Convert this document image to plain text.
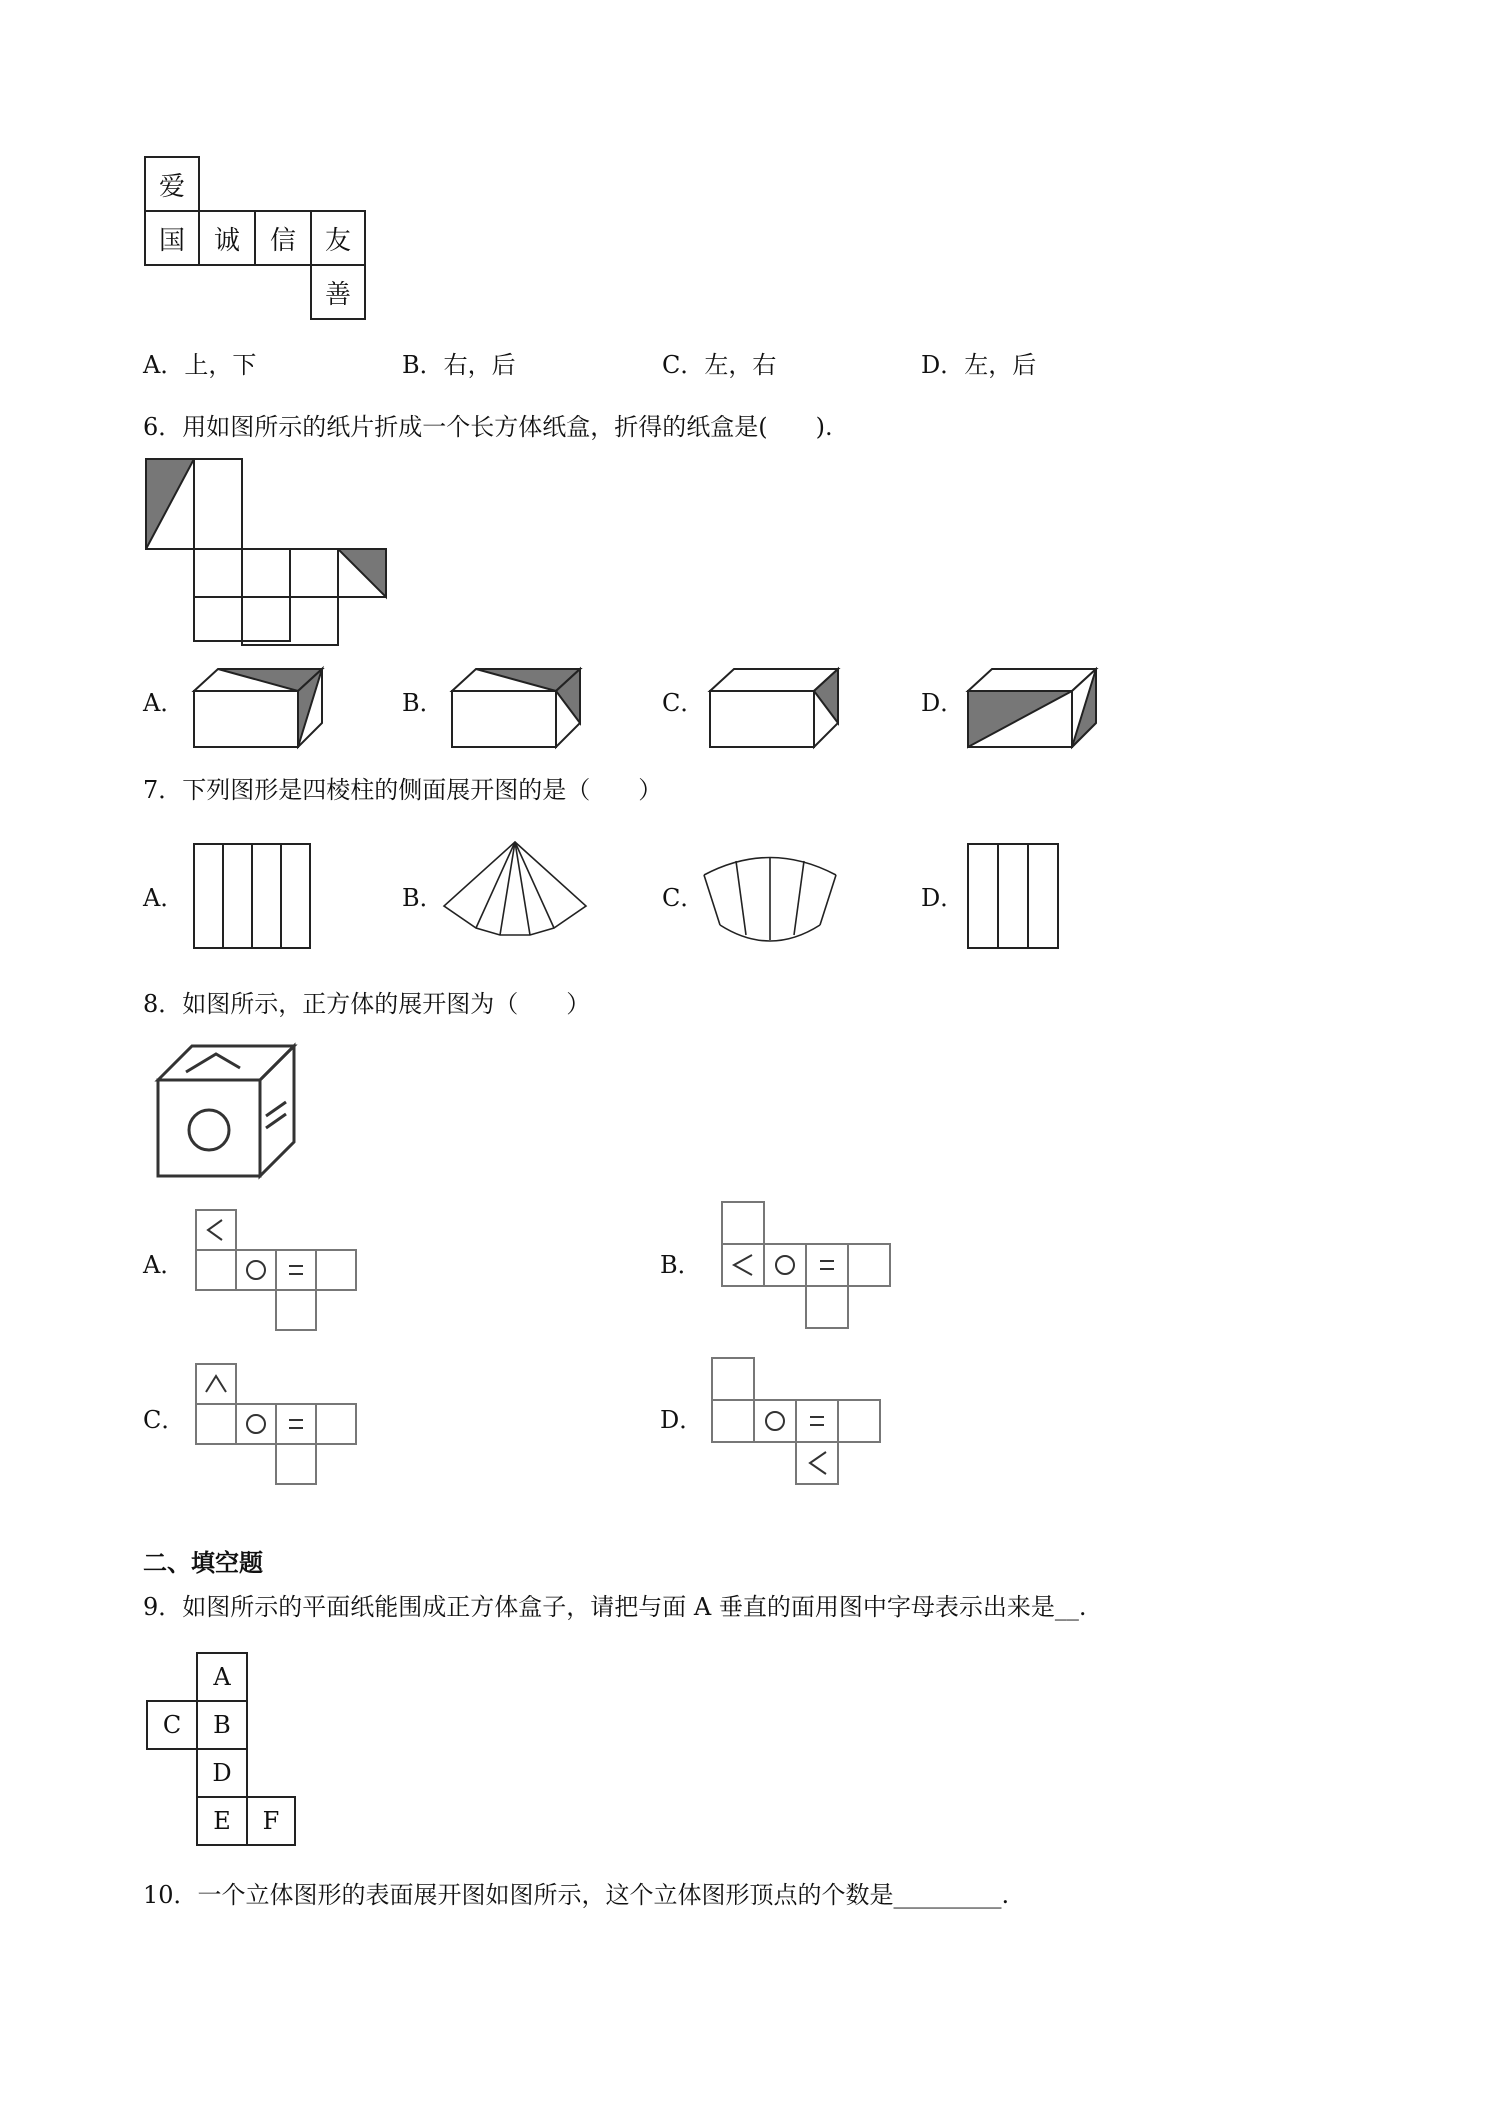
爱
国	诚	信	友
善
A．上，下	B．右，后	C．左，右	D．左，后
6．用如图所示的纸片折成一个长方体纸盒，折得的纸盒是(　　).
A．	B．	C．	D．
7．下列图形是四棱柱的侧面展开图的是（　　）
A．	B．	C．	D．
8．如图所示，正方体的展开图为（　　）
A．	B．
C．	D．
二、填空题
9．如图所示的平面纸能围成正方体盒子，请把与面 A 垂直的面用图中字母表示出来是__.
A
C	B
D
E	F
10．一个立体图形的表面展开图如图所示，这个立体图形顶点的个数是_________.
